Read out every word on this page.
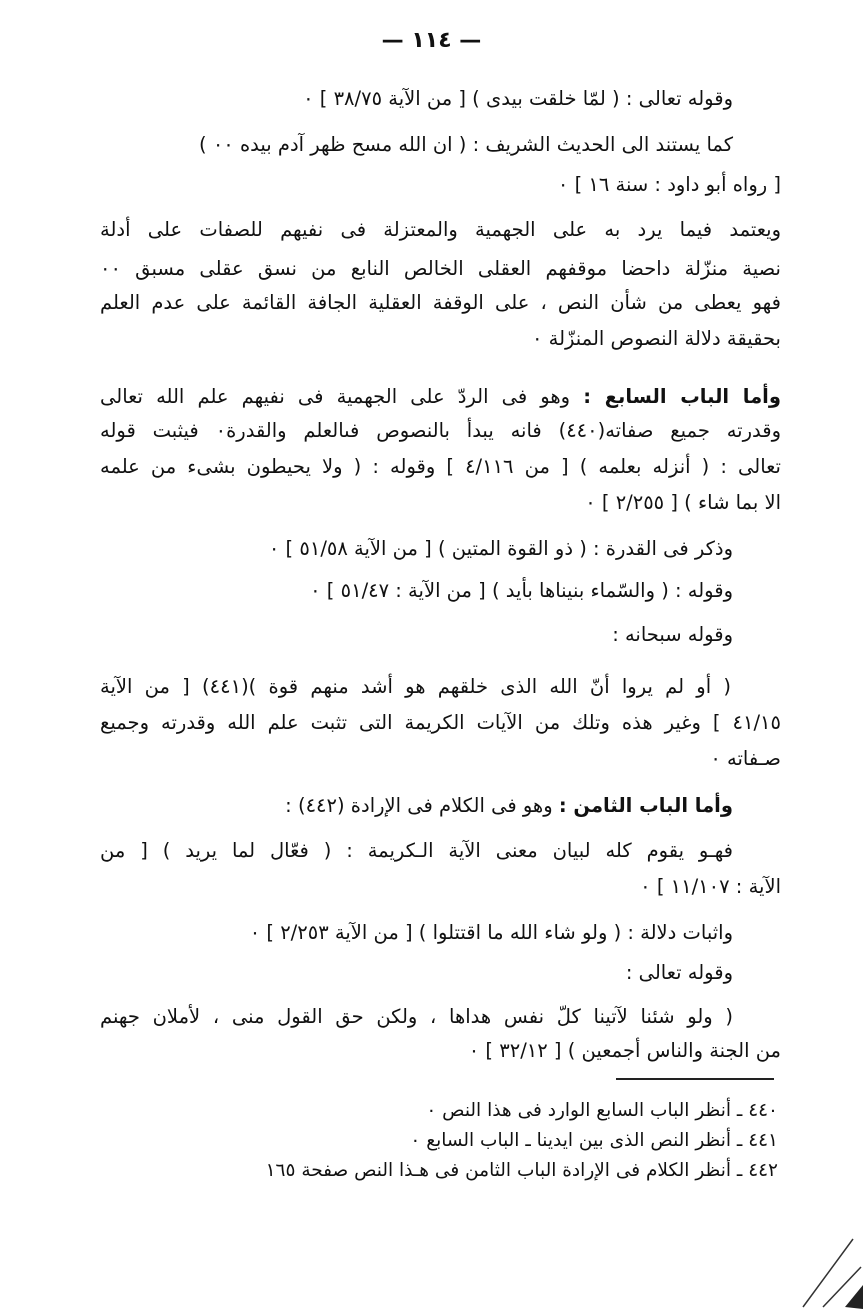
— ١١٤ —
وقوله تعالى : ( لمّا خلقت بيدى ) [ من الآية ٣٨/٧٥ ] ٠
كما يستند الى الحديث الشريف : ( ان الله مسح ظهر آدم بيده ٠٠ )
[ رواه أبو داود : سنة ١٦ ] ٠
ويعتمد فيما يرد به على الجهمية والمعتزلة فى نفيهم للصفات على أدلة
نصية منزّلة داحضا موقفهم العقلى الخالص النابع من نسق عقلى مسبق ٠٠
فهو يعطى من شأن النص ، على الوقفة العقلية الجافة القائمة على عدم العلم
بحقيقة دلالة النصوص المنزّلة ٠
وأما الباب السابع : وهو فى الردّ على الجهمية فى نفيهم علم الله تعالى
وقدرته جميع صفاته(٤٤٠) فانه يبدأ بالنصوص فىالعلم والقدرة٠ فيثبت قوله
تعالى : ( أنزله بعلمه ) [ من ٤/١١٦ ] وقوله : ( ولا يحيطون بشىء من علمه
الا بما شاء ) [ ٢/٢٥٥ ] ٠
وذكر فى القدرة : ( ذو القوة المتين ) [ من الآية ٥١/٥٨ ] ٠
وقوله : ( والسّماء بنيناها بأيد ) [ من الآية : ٥١/٤٧ ] ٠
وقوله سبحانه :
( أو لم يروا أنّ الله الذى خلقهم هو أشد منهم قوة )(٤٤١) [ من الآية
٤١/١٥ ] وغير هذه وتلك من الآيات الكريمة التى تثبت علم الله وقدرته وجميع
صـفاته ٠
وأما الباب الثامن : وهو فى الكلام فى الإرادة (٤٤٢) :
فهـو يقوم كله لبيان معنى الآية الـكريمة : ( فعّال لما يريد ) [ من
الآية : ١١/١٠٧ ] ٠
واثبات دلالة : ( ولو شاء الله ما اقتتلوا ) [ من الآية ٢/٢٥٣ ] ٠
وقوله تعالى :
( ولو شئنا لآتينا كلّ نفس هداها ، ولكن حق القول منى ، لأملان جهنم
من الجنة والناس أجمعين ) [ ٣٢/١٢ ] ٠
٤٤٠ ـ أنظر الباب السابع الوارد فى هذا النص ٠
٤٤١ ـ أنظر النص الذى بين ايدينا ـ الباب السابع ٠
٤٤٢ ـ أنظر الكلام فى الإرادة الباب الثامن فى هـذا النص صفحة ١٦٥
